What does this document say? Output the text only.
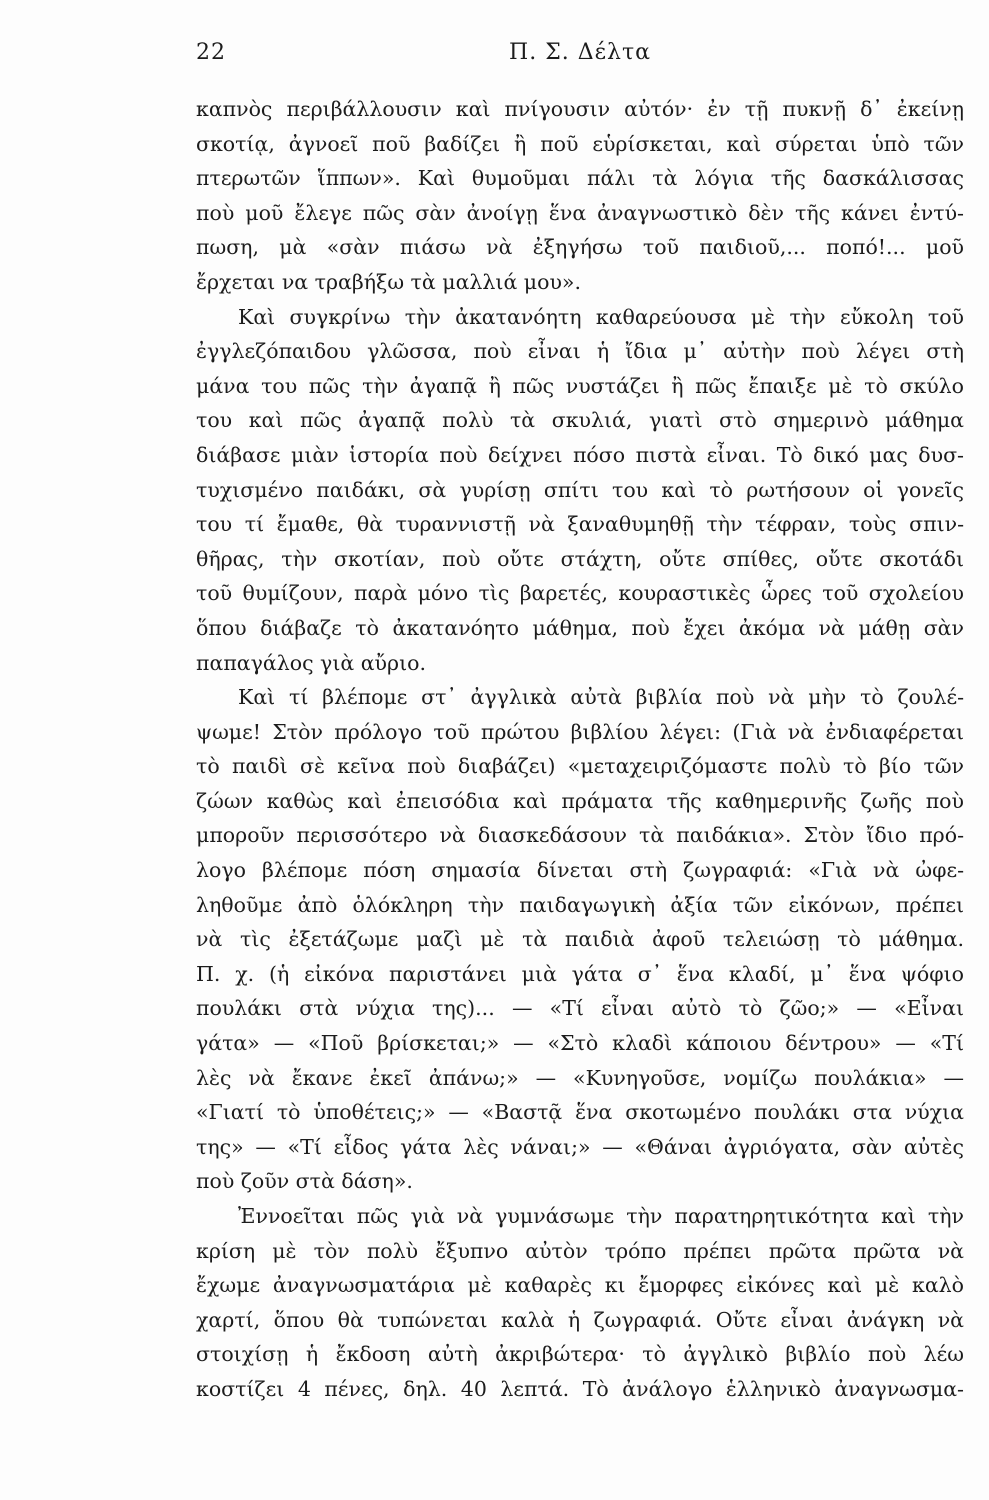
22	Π. Σ. Δέλτα
καπνὸς περιβάλλουσιν καὶ πνίγουσιν αὐτόν· ἐν τῇ πυκνῇ δ᾽ ἐκείνῃ
σκοτίᾳ, ἀγνοεῖ ποῦ βαδίζει ἢ ποῦ εὑρίσκεται, καὶ σύρεται ὑπὸ τῶν
πτερωτῶν ἵππων». Καὶ θυμοῦμαι πάλι τὰ λόγια τῆς δασκάλισσας
ποὺ μοῦ ἔλεγε πῶς σὰν ἀνοίγῃ ἕνα ἀναγνωστικὸ δὲν τῆς κάνει ἐντύ-
πωση, μὰ «σὰν πιάσω νὰ ἐξηγήσω τοῦ παιδιοῦ,... ποπό!... μοῦ
ἔρχεται να τραβήξω τὰ μαλλιά μου».
Καὶ συγκρίνω τὴν ἀκατανόητη καθαρεύουσα μὲ τὴν εὔκολη τοῦ
ἐγγλεζόπαιδου γλῶσσα, ποὺ εἶναι ἡ ἴδια μ᾽ αὐτὴν ποὺ λέγει στὴ
μάνα του πῶς τὴν ἀγαπᾷ ἢ πῶς νυστάζει ἢ πῶς ἔπαιξε μὲ τὸ σκύλο
του καὶ πῶς ἀγαπᾷ πολὺ τὰ σκυλιά, γιατὶ στὸ σημερινὸ μάθημα
διάβασε μιὰν ἱστορία ποὺ δείχνει πόσο πιστὰ εἶναι. Τὸ δικό μας δυσ-
τυχισμένο παιδάκι, σὰ γυρίσῃ σπίτι του καὶ τὸ ρωτήσουν οἱ γονεῖς
του τί ἔμαθε, θὰ τυραννιστῇ νὰ ξαναθυμηθῇ τὴν τέφραν, τοὺς σπιν-
θῆρας, τὴν σκοτίαν, ποὺ οὔτε στάχτη, οὔτε σπίθες, οὔτε σκοτάδι
τοῦ θυμίζουν, παρὰ μόνο τὶς βαρετές, κουραστικὲς ὧρες τοῦ σχολείου
ὅπου διάβαζε τὸ ἀκατανόητο μάθημα, ποὺ ἔχει ἀκόμα νὰ μάθῃ σὰν
παπαγάλος γιὰ αὔριο.
Καὶ τί βλέπομε στ᾽ ἀγγλικὰ αὐτὰ βιβλία ποὺ νὰ μὴν τὸ ζουλέ-
ψωμε! Στὸν πρόλογο τοῦ πρώτου βιβλίου λέγει: (Γιὰ νὰ ἐνδιαφέρεται
τὸ παιδὶ σὲ κεῖνα ποὺ διαβάζει) «μεταχειριζόμαστε πολὺ τὸ βίο τῶν
ζώων καθὼς καὶ ἐπεισόδια καὶ πράματα τῆς καθημερινῆς ζωῆς ποὺ
μποροῦν περισσότερο νὰ διασκεδάσουν τὰ παιδάκια». Στὸν ἴδιο πρό-
λογο βλέπομε πόση σημασία δίνεται στὴ ζωγραφιά: «Γιὰ νὰ ὠφε-
ληθοῦμε ἀπὸ ὁλόκληρη τὴν παιδαγωγικὴ ἀξία τῶν εἰκόνων, πρέπει
νὰ τὶς ἐξετάζωμε μαζὶ μὲ τὰ παιδιὰ ἀφοῦ τελειώσῃ τὸ μάθημα.
Π. χ. (ἡ εἰκόνα παριστάνει μιὰ γάτα σ᾽ ἕνα κλαδί, μ᾽ ἕνα ψόφιο
πουλάκι στὰ νύχια της)... — «Τί εἶναι αὐτὸ τὸ ζῶο;» — «Εἶναι
γάτα» — «Ποῦ βρίσκεται;» — «Στὸ κλαδὶ κάποιου δέντρου» — «Τί
λὲς νὰ ἔκανε ἐκεῖ ἀπάνω;» — «Κυνηγοῦσε, νομίζω πουλάκια» —
«Γιατί τὸ ὑποθέτεις;» — «Βαστᾷ ἕνα σκοτωμένο πουλάκι στα νύχια
της» — «Τί εἶδος γάτα λὲς νάναι;» — «Θάναι ἀγριόγατα, σὰν αὐτὲς
ποὺ ζοῦν στὰ δάση».
Ἐννοεῖται πῶς γιὰ νὰ γυμνάσωμε τὴν παρατηρητικότητα καὶ τὴν
κρίση μὲ τὸν πολὺ ἔξυπνο αὐτὸν τρόπο πρέπει πρῶτα πρῶτα νὰ
ἔχωμε ἀναγνωσματάρια μὲ καθαρὲς κι ἔμορφες εἰκόνες καὶ μὲ καλὸ
χαρτί, ὅπου θὰ τυπώνεται καλὰ ἡ ζωγραφιά. Οὔτε εἶναι ἀνάγκη νὰ
στοιχίσῃ ἡ ἔκδοση αὐτὴ ἀκριβώτερα· τὸ ἀγγλικὸ βιβλίο ποὺ λέω
κοστίζει 4 πένες, δηλ. 40 λεπτά. Τὸ ἀνάλογο ἑλληνικὸ ἀναγνωσμα-
